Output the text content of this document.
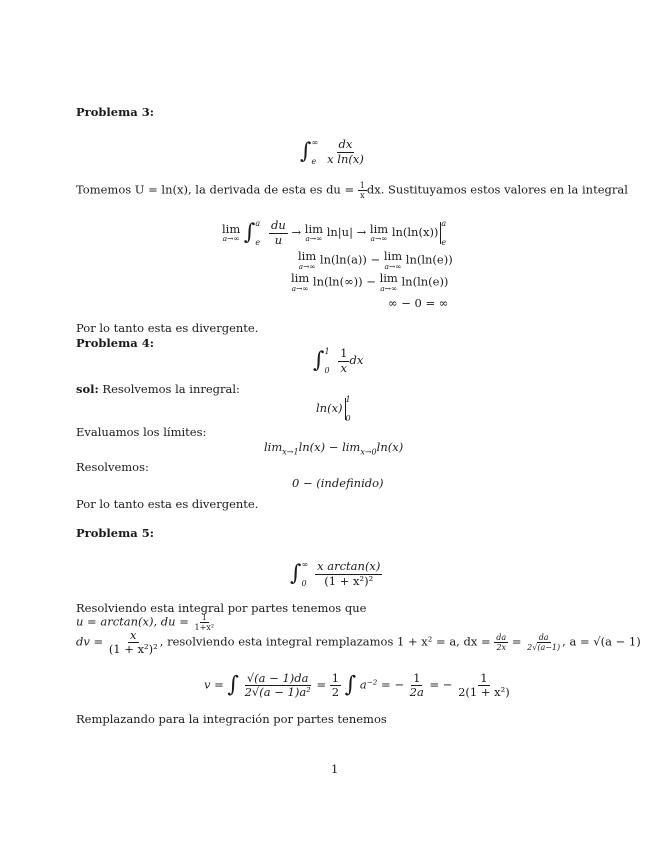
Problema 3:
∫ ∞
e
$\frac{dx}{\text{x ln(x)}}$
Tomemos U = ln(x), la derivada de esta es du = $\frac{1}{x}$ dx. Sustituyamos estos valores en la integral
lim
a→∞ ∫ a
e
$\frac{du}{u} \to \lim$
a→∞ ln|u| → lim
a→∞ ln(ln(x))
a
e
lim
a→∞ ln(ln(a)) − lim
a→∞ ln(ln(e))
lim
a→∞ ln(ln(∞)) − lim
a→∞ ln(ln(e))
∞ − 0 = ∞
Por lo tanto esta es divergente.
Problema 4:
∫ 1
0
$\frac{1}{x}$ dx
sol: Resolvemos la inregral:
ln(x)
1
0
Evaluamos los límites:
$\lim_{x\to 1}\ln(x) - \lim_{x\to 0}\ln(x)$
Resolvemos:
0 − (indefinido)
Por lo tanto esta es divergente.
Problema 5:
∫ ∞
0
$\frac{\text{x arctan(x)}}{\text{(1 + x²)²}}$
Resolviendo esta integral por partes tenemos que
u = arctan(x), du = $\frac{1}{\text{1+x²}}$
dv = $\frac{x}{\text{(1 + x²)²}}$ , resolviendo esta integral remplazamos 1 + x² = a, dx = $\frac{da}{2x} = \frac{da}{2√(a-1)}$ , a = √(a − 1)
v = ∫ $\frac{√(a - 1)da}{\text{2√(a − 1)a²}} = \frac{1}{2}$ ∫ a⁻² = − $\frac{1}{2a}$ = − $\frac{1}{\text{2(1 + x²)}}$
Remplazando para la integración por partes tenemos
1
